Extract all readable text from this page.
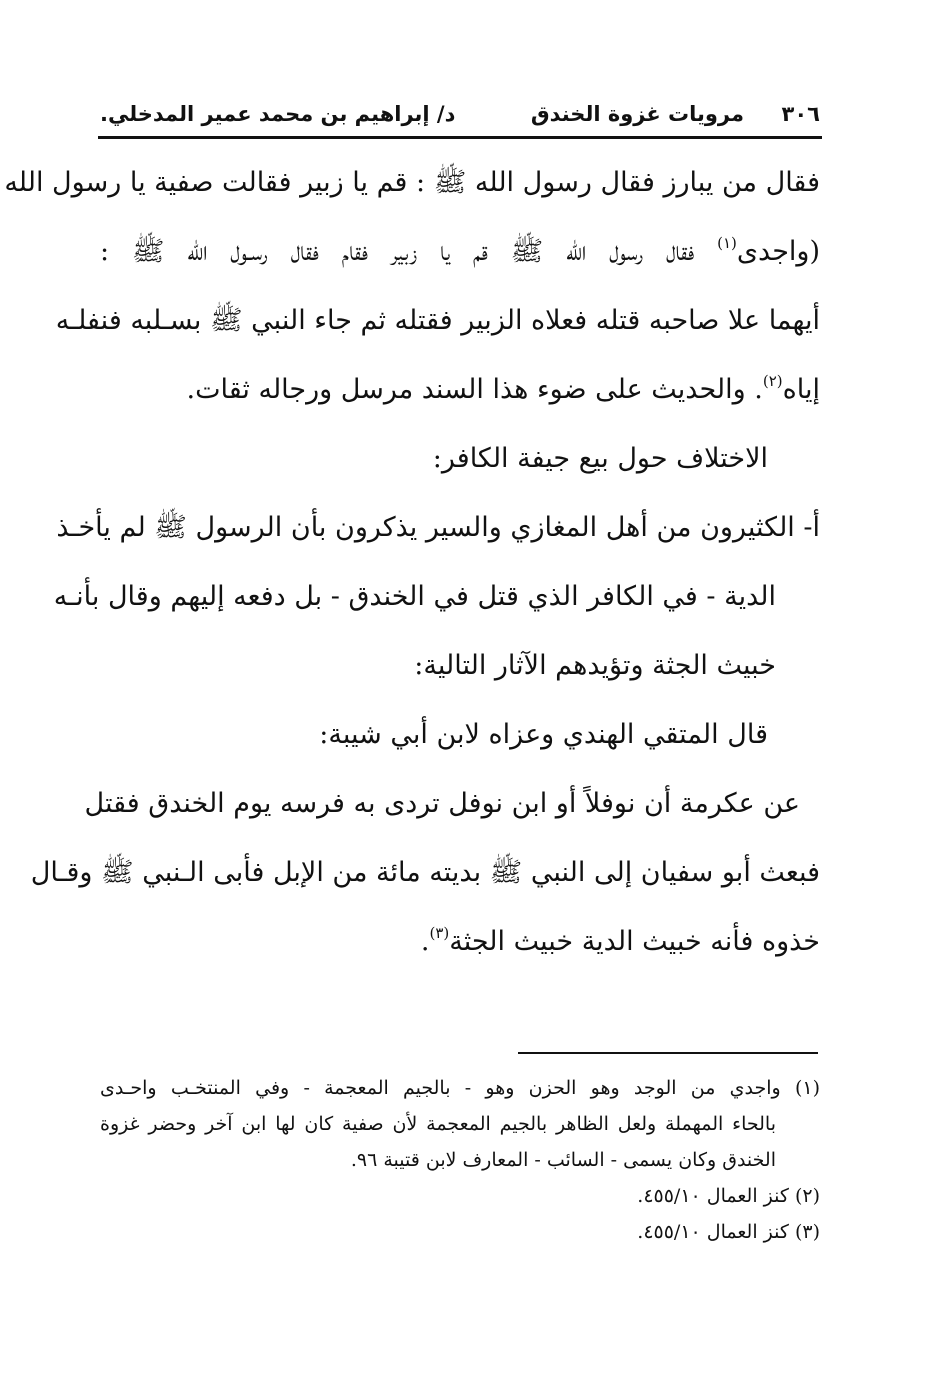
٣٠٦
مرويات غزوة الخندق
د/ إبراهيم بن محمد عمير المدخلي.
فقال من يبارز فقال رسول الله ﷺ : قم يا زبير فقالت صفية يا رسول الله
(واجدى$^{(١)}$ فقال رسول الله ﷺ قم يا زبير فقام فقال رسـول الله ﷺ :
أيهما علا صاحبه قتله فعلاه الزبير فقتله ثم جاء النبي ﷺ بسـلبه فنفلـه
إياه$^{(٢)}$. والحديث على ضوء هذا السند مرسل ورجاله ثقات.
الاختلاف حول بيع جيفة الكافر:
أ- الكثيرون من أهل المغازي والسير يذكرون بأن الرسول ﷺ لم يأخـذ
الدية - في الكافر الذي قتل في الخندق - بل دفعه إليهم وقال بأنـه
خبيث الجثة وتؤيدهم الآثار التالية:
قال المتقي الهندي وعزاه لابن أبي شيبة:
عن عكرمة أن نوفلاً أو ابن نوفل تردى به فرسه يوم الخندق فقتل
فبعث أبو سفيان إلى النبي ﷺ بديته مائة من الإبل فأبى الـنبي ﷺ وقـال
خذوه فأنه خبيث الدية خبيث الجثة$^{(٣)}$.
(١) واجدي من الوجد وهو الحزن وهو - بالجيم المعجمة - وفي المنتخـب واحـدى
بالحاء المهملة ولعل الظاهر بالجيم المعجمة لأن صفية كان لها ابن آخر وحضر غزوة
الخندق وكان يسمى - السائب - المعارف لابن قتيبة ٩٦.
(٢) كنز العمال ٤٥٥/١٠.
(٣) كنز العمال ٤٥٥/١٠.
